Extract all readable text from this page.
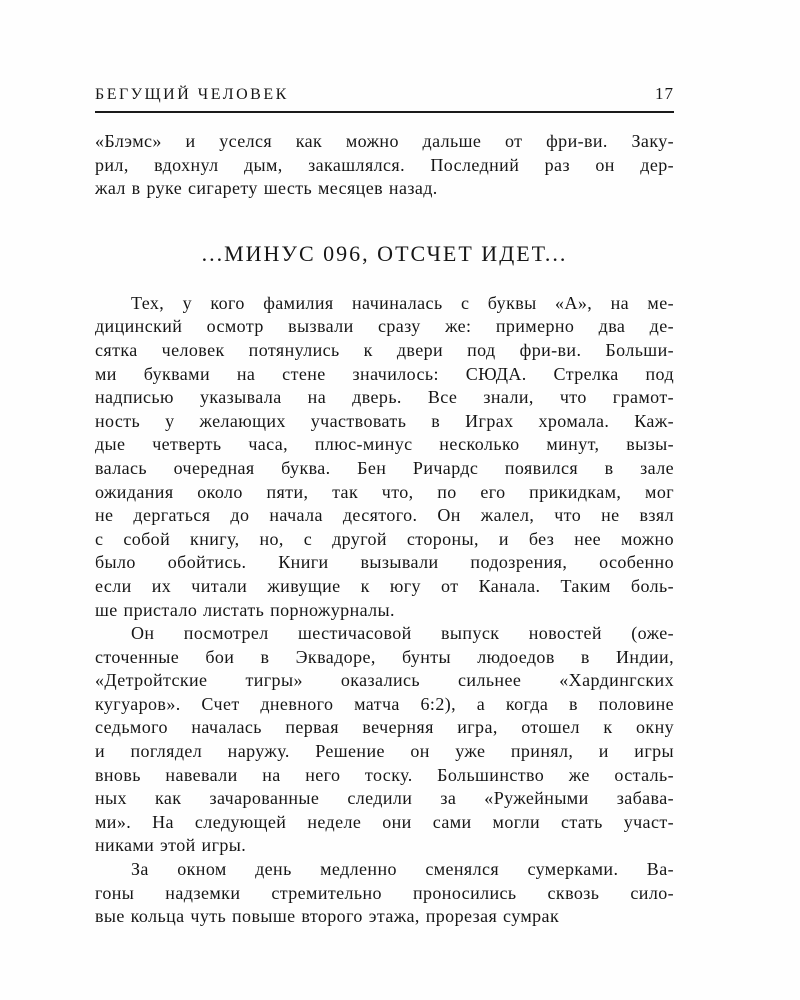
БЕГУЩИЙ ЧЕЛОВЕК	17
«Блэмс» и уселся как можно дальше от фри-ви. Заку-
рил, вдохнул дым, закашлялся. Последний раз он дер-
жал в руке сигарету шесть месяцев назад.
...МИНУС 096, ОТСЧЕТ ИДЕТ...
Тех, у кого фамилия начиналась с буквы «А», на ме-
дицинский осмотр вызвали сразу же: примерно два де-
сятка человек потянулись к двери под фри-ви. Больши-
ми буквами на стене значилось: СЮДА. Стрелка под
надписью указывала на дверь. Все знали, что грамот-
ность у желающих участвовать в Играх хромала. Каж-
дые четверть часа, плюс-минус несколько минут, вызы-
валась очередная буква. Бен Ричардс появился в зале
ожидания около пяти, так что, по его прикидкам, мог
не дергаться до начала десятого. Он жалел, что не взял
с собой книгу, но, с другой стороны, и без нее можно
было обойтись. Книги вызывали подозрения, особенно
если их читали живущие к югу от Канала. Таким боль-
ше пристало листать порножурналы.
Он посмотрел шестичасовой выпуск новостей (оже-
сточенные бои в Эквадоре, бунты людоедов в Индии,
«Детройтские тигры» оказались сильнее «Хардингских
кугуаров». Счет дневного матча 6:2), а когда в половине
седьмого началась первая вечерняя игра, отошел к окну
и поглядел наружу. Решение он уже принял, и игры
вновь навевали на него тоску. Большинство же осталь-
ных как зачарованные следили за «Ружейными забава-
ми». На следующей неделе они сами могли стать участ-
никами этой игры.
За окном день медленно сменялся сумерками. Ва-
гоны надземки стремительно проносились сквозь сило-
вые кольца чуть повыше второго этажа, прорезая сумрак
